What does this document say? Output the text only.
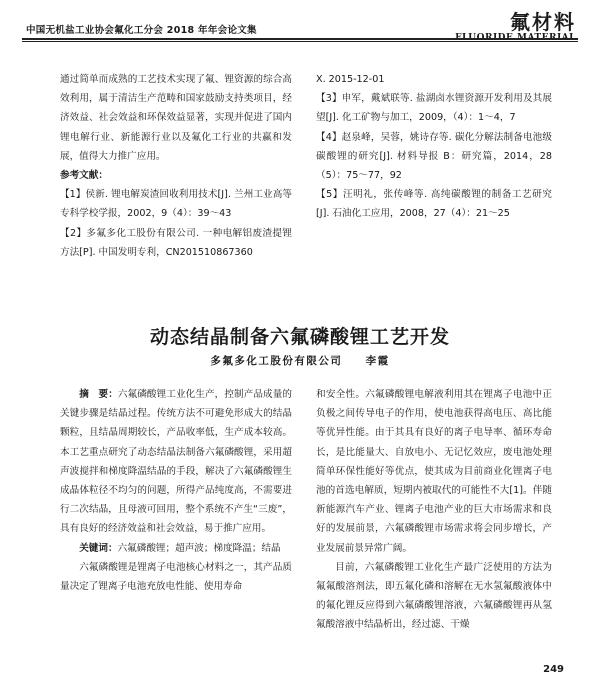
中国无机盐工业协会氟化工分会 2018 年年会论文集	氟材料
FLUORIDE MATERIAL

通过简单而成熟的工艺技术实现了氟、锂资源的综合高效利用，属于清洁生产范畴和国家鼓励支持类项目，经济效益、社会效益和环保效益显著，实现并促进了国内锂电解行业、新能源行业以及氟化工行业的共赢和发展，值得大力推广应用。

参考文献：

【1】侯新. 锂电解炭渣回收利用技术[J]. 兰州工业高等专科学校学报，2002，9（4）：39～43

【2】多氟多化工股份有限公司. 一种电解铝废渣提锂方法[P]. 中国发明专利，CN201510867360

X. 2015-12-01

【3】申军，戴斌联等. 盐湖卤水锂资源开发利用及其展望[J]. 化工矿物与加工，2009，（4）：1～4，7

【4】赵泉峰，吴蓉，姚诗存等. 碳化分解法制备电池级碳酸锂的研究[J]. 材料导报 B：研究篇，2014，28（5）：75～77，92

【5】汪明礼，张传峰等. 高纯碳酸锂的制备工艺研究[J]. 石油化工应用，2008，27（4）：21～25

动态结晶制备六氟磷酸锂工艺开发
多氟多化工股份有限公司 李霞

摘　要：六氟磷酸锂工业化生产，控制产品成量的关键步骤是结晶过程。传统方法不可避免形成大的结晶颗粒，且结晶周期较长，产品收率低，生产成本较高。本工艺重点研究了动态结晶法制备六氟磷酸锂，采用超声波搅拌和梯度降温结晶的手段，解决了六氟磷酸锂生成晶体粒径不均匀的问题，所得产品纯度高，不需要进行二次结晶，且母液可回用，整个系统不产生“三废”，具有良好的经济效益和社会效益，易于推广应用。

关键词：六氟磷酸锂；超声波；梯度降温；结晶

六氟磷酸锂是锂离子电池核心材料之一，其产品质量决定了锂离子电池充放电性能、使用寿命

和安全性。六氟磷酸锂电解液利用其在锂离子电池中正负极之间传导电子的作用，使电池获得高电压、高比能等优异性能。由于其具有良好的离子电导率、循环寿命长，是比能量大、自放电小、无记忆效应，废电池处理简单环保性能好等优点，使其成为目前商业化锂离子电池的首选电解质，短期内被取代的可能性不大[1]。伴随新能源汽车产业、锂离子电池产业的巨大市场需求和良好的发展前景，六氟磷酸锂市场需求将会同步增长，产业发展前景异常广阔。

目前，六氟磷酸锂工业化生产最广泛使用的方法为氟氟酸溶剂法，即五氟化磷和溶解在无水氢氟酸液体中的氟化锂反应得到六氟磷酸锂溶液，六氟磷酸锂再从氢氟酸溶液中结晶析出，经过滤、干燥

249
